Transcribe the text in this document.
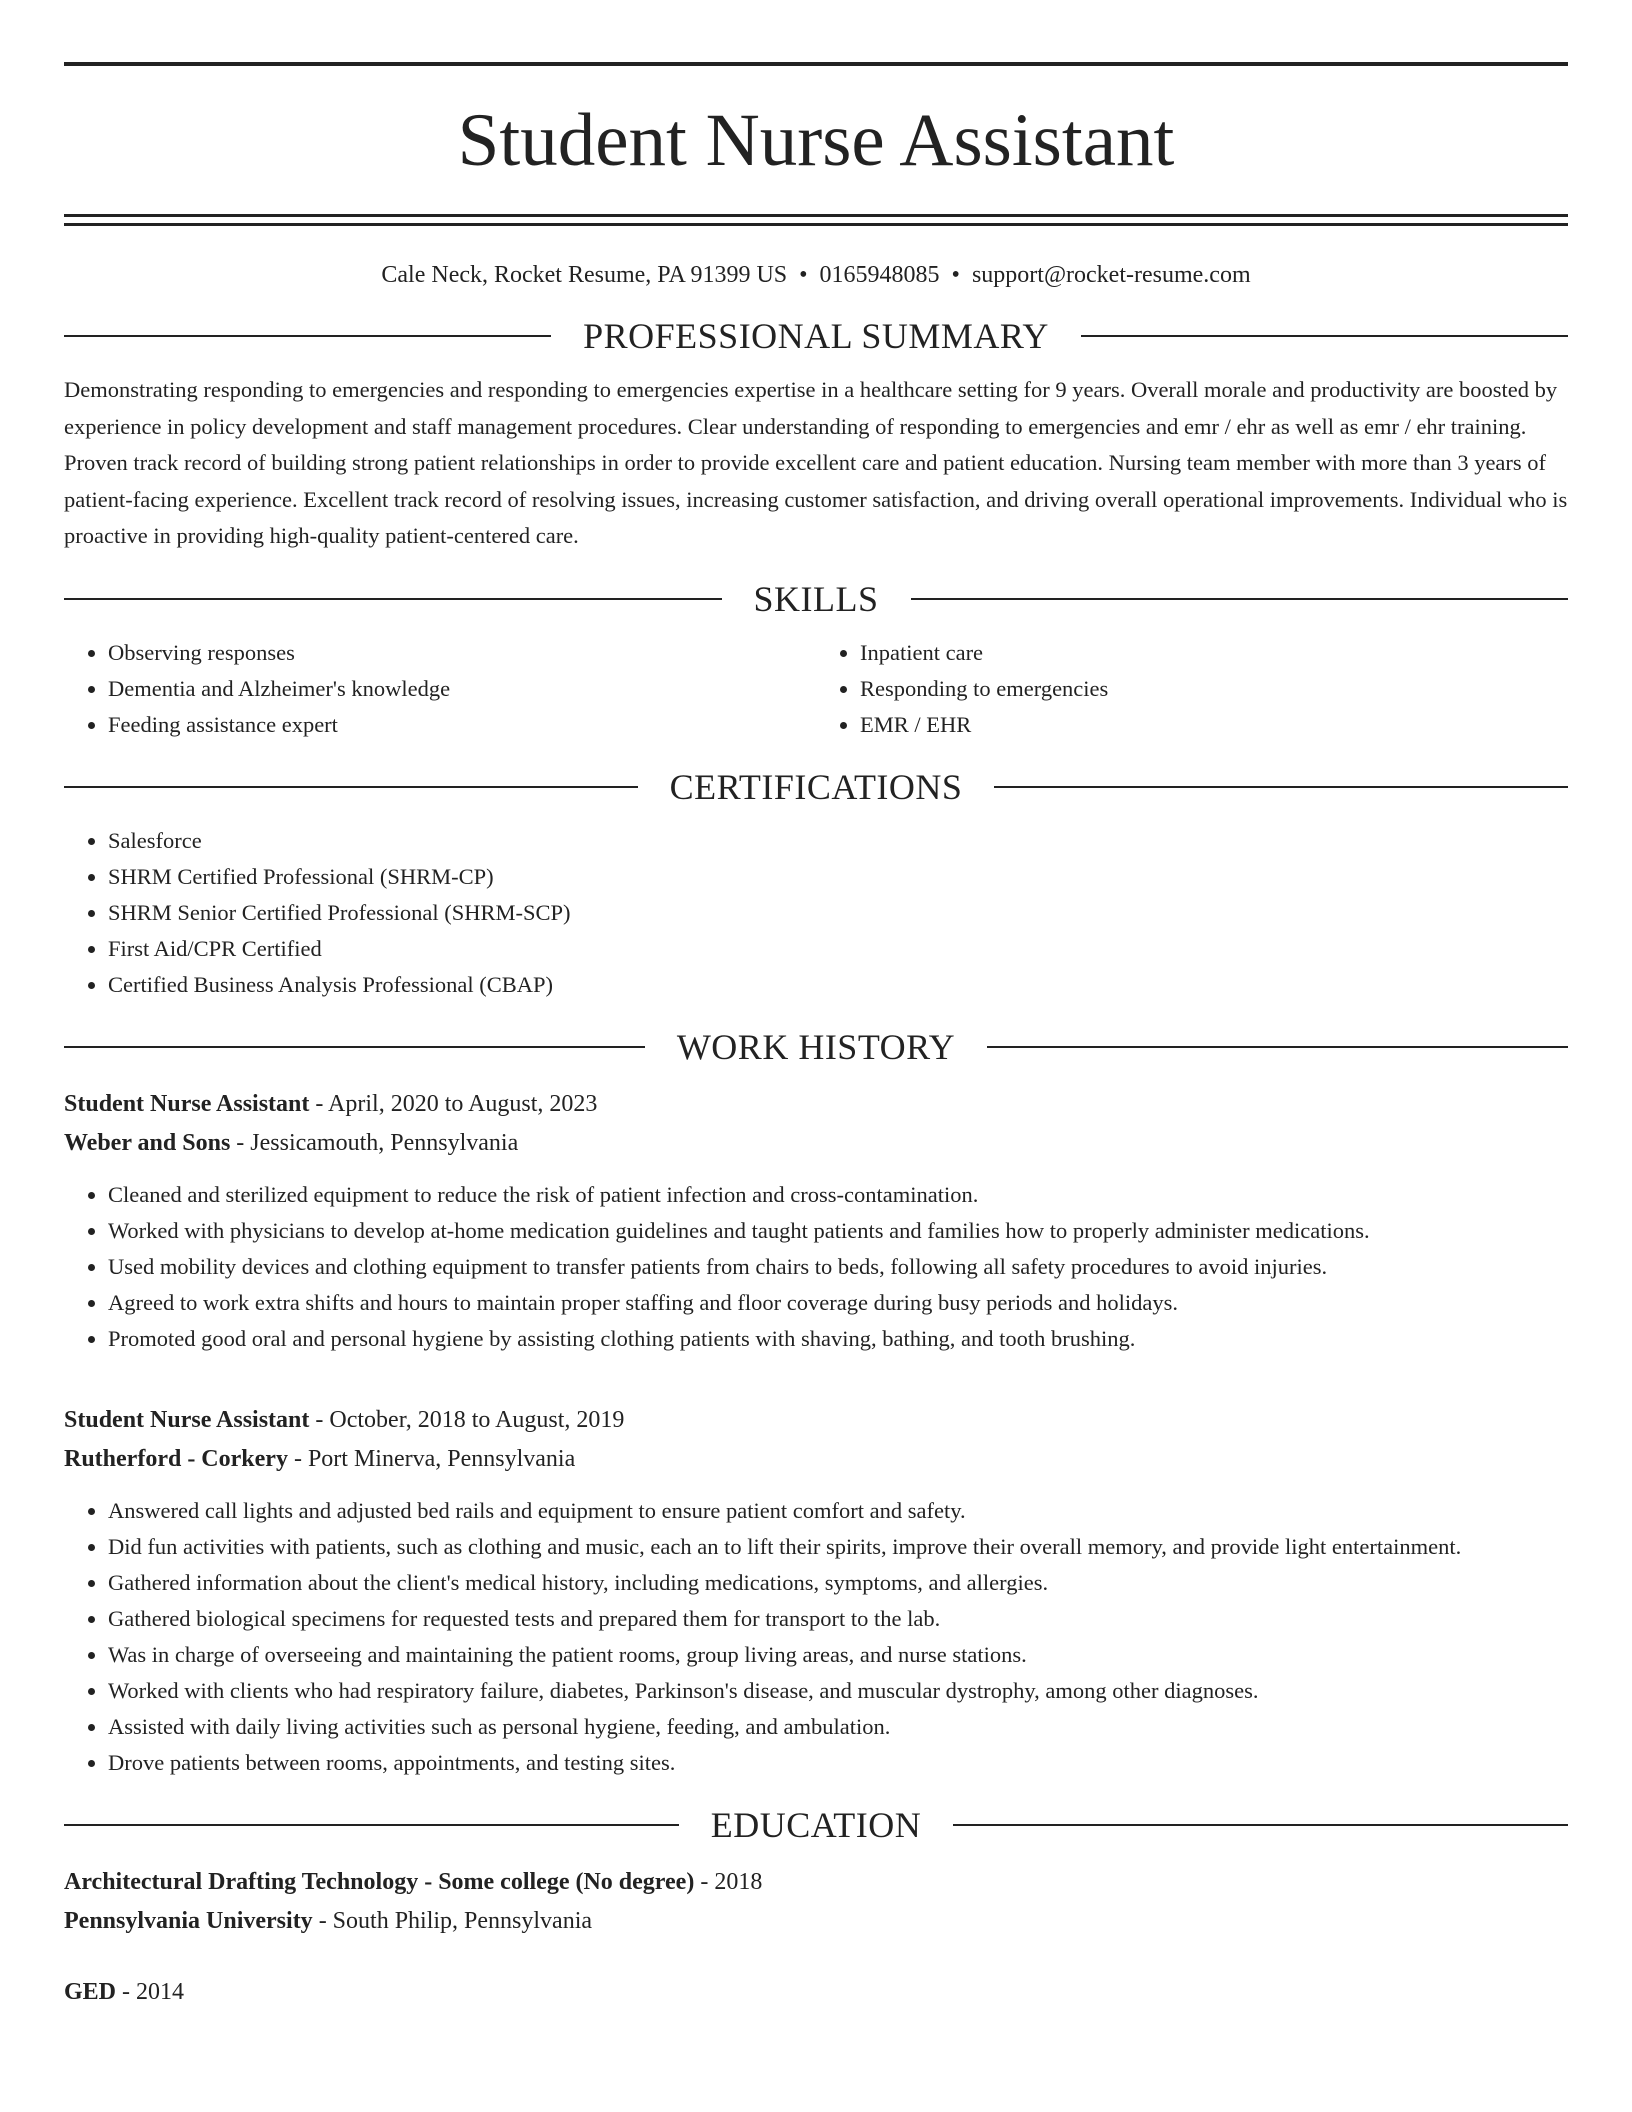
Student Nurse Assistant
Cale Neck, Rocket Resume, PA 91399 US • 0165948085 • support@rocket-resume.com
PROFESSIONAL SUMMARY

Demonstrating responding to emergencies and responding to emergencies expertise in a healthcare setting for 9 years. Overall morale and productivity are boosted by experience in policy development and staff management procedures. Clear understanding of responding to emergencies and emr / ehr as well as emr / ehr training. Proven track record of building strong patient relationships in order to provide excellent care and patient education. Nursing team member with more than 3 years of patient-facing experience. Excellent track record of resolving issues, increasing customer satisfaction, and driving overall operational improvements. Individual who is proactive in providing high-quality patient-centered care.

SKILLS
• Observing responses
• Dementia and Alzheimer's knowledge
• Feeding assistance expert
• Inpatient care
• Responding to emergencies
• EMR / EHR
CERTIFICATIONS
• Salesforce
• SHRM Certified Professional (SHRM-CP)
• SHRM Senior Certified Professional (SHRM-SCP)
• First Aid/CPR Certified
• Certified Business Analysis Professional (CBAP)
WORK HISTORY
Student Nurse Assistant - April, 2020 to August, 2023
Weber and Sons - Jessicamouth, Pennsylvania
• Cleaned and sterilized equipment to reduce the risk of patient infection and cross-contamination.
• Worked with physicians to develop at-home medication guidelines and taught patients and families how to properly administer medications.
• Used mobility devices and clothing equipment to transfer patients from chairs to beds, following all safety procedures to avoid injuries.
• Agreed to work extra shifts and hours to maintain proper staffing and floor coverage during busy periods and holidays.
• Promoted good oral and personal hygiene by assisting clothing patients with shaving, bathing, and tooth brushing.
Student Nurse Assistant - October, 2018 to August, 2019
Rutherford - Corkery - Port Minerva, Pennsylvania
• Answered call lights and adjusted bed rails and equipment to ensure patient comfort and safety.
• Did fun activities with patients, such as clothing and music, each an to lift their spirits, improve their overall memory, and provide light entertainment.
• Gathered information about the client's medical history, including medications, symptoms, and allergies.
• Gathered biological specimens for requested tests and prepared them for transport to the lab.
• Was in charge of overseeing and maintaining the patient rooms, group living areas, and nurse stations.
• Worked with clients who had respiratory failure, diabetes, Parkinson's disease, and muscular dystrophy, among other diagnoses.
• Assisted with daily living activities such as personal hygiene, feeding, and ambulation.
• Drove patients between rooms, appointments, and testing sites.
EDUCATION
Architectural Drafting Technology - Some college (No degree) - 2018
Pennsylvania University - South Philip, Pennsylvania
GED - 2014
